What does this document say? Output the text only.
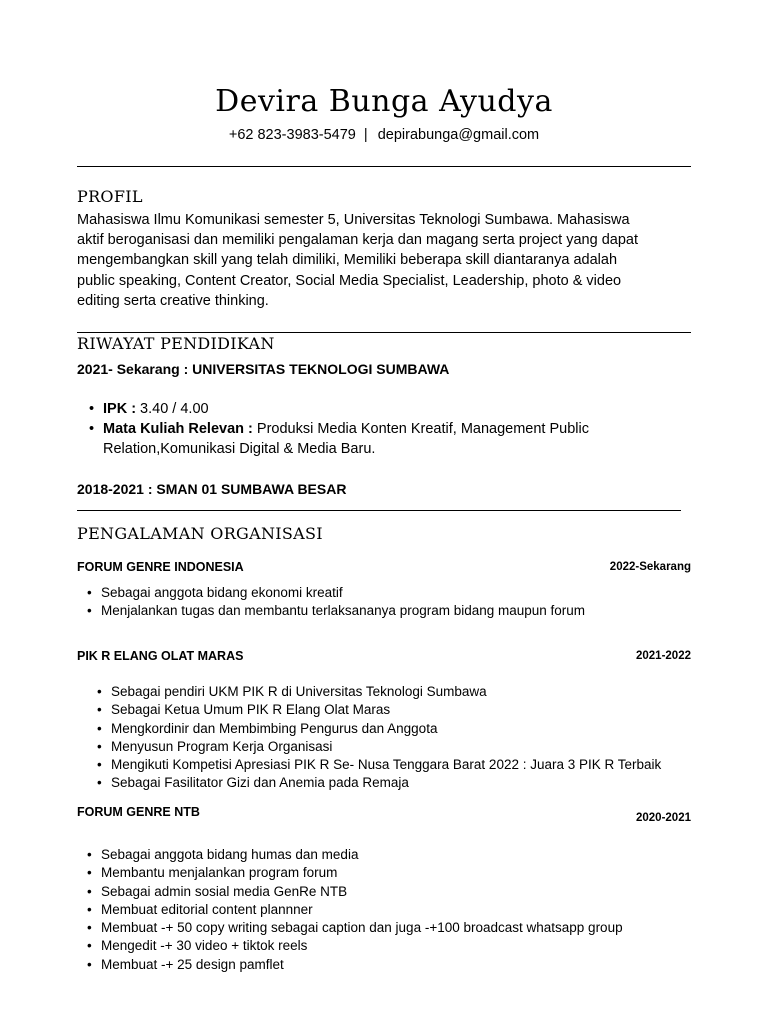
Devira Bunga Ayudya
+62 823-3983-5479 | depirabunga@gmail.com
PROFIL
Mahasiswa Ilmu Komunikasi semester 5, Universitas Teknologi Sumbawa. Mahasiswa
aktif beroganisasi dan memiliki pengalaman kerja dan magang serta project yang dapat
mengembangkan skill yang telah dimiliki, Memiliki beberapa skill diantaranya adalah
public speaking, Content Creator, Social Media Specialist, Leadership, photo & video
editing serta creative thinking.
RIWAYAT PENDIDIKAN
2021- Sekarang : UNIVERSITAS TEKNOLOGI SUMBAWA
• IPK : 3.40 / 4.00
• Mata Kuliah Relevan : Produksi Media Konten Kreatif, Management Public
Relation,Komunikasi Digital & Media Baru.
2018-2021 : SMAN 01 SUMBAWA BESAR
PENGALAMAN ORGANISASI
FORUM GENRE INDONESIA	2022-Sekarang
• Sebagai anggota bidang ekonomi kreatif
• Menjalankan tugas dan membantu terlaksananya program bidang maupun forum
PIK R ELANG OLAT MARAS	2021-2022
• Sebagai pendiri UKM PIK R di Universitas Teknologi Sumbawa
• Sebagai Ketua Umum PIK R Elang Olat Maras
• Mengkordinir dan Membimbing Pengurus dan Anggota
• Menyusun Program Kerja Organisasi
• Mengikuti Kompetisi Apresiasi PIK R Se- Nusa Tenggara Barat 2022 : Juara 3 PIK R Terbaik
• Sebagai Fasilitator Gizi dan Anemia pada Remaja
FORUM GENRE NTB	2020-2021
• Sebagai anggota bidang humas dan media
• Membantu menjalankan program forum
• Sebagai admin sosial media GenRe NTB
• Membuat editorial content plannner
• Membuat -+ 50 copy writing sebagai caption dan juga -+100 broadcast whatsapp group
• Mengedit -+ 30 video + tiktok reels
• Membuat -+ 25 design pamflet
